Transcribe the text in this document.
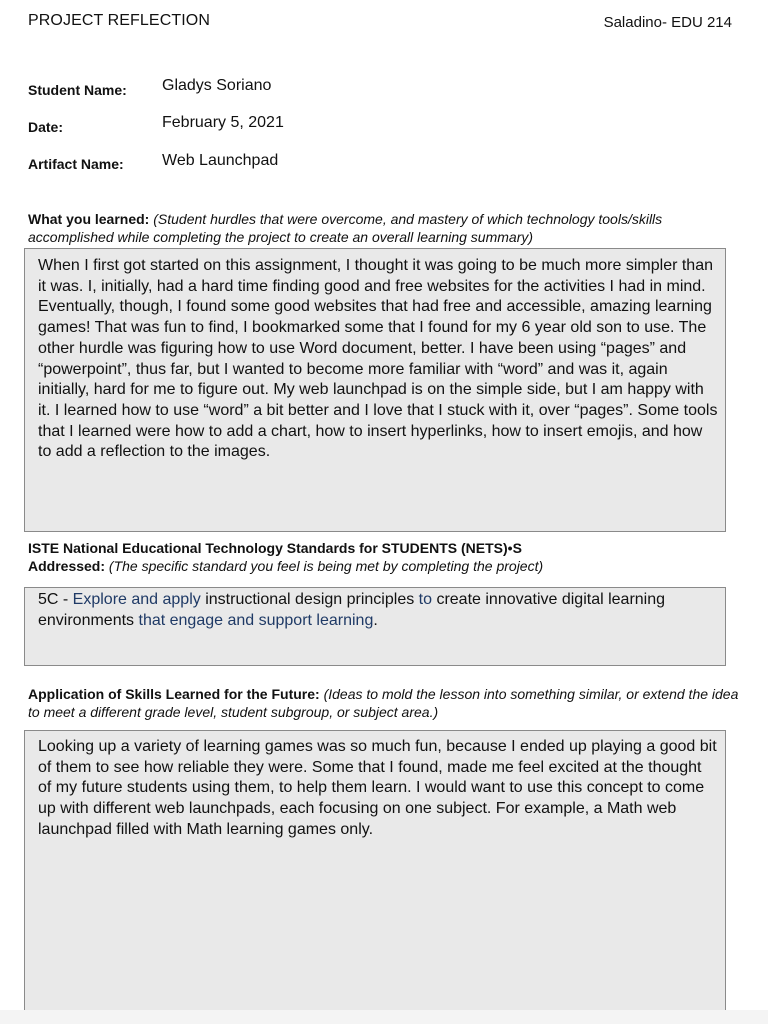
PROJECT REFLECTION	Saladino- EDU 214
Student Name: Gladys Soriano
Date:	February 5, 2021
Artifact Name: Web Launchpad
What you learned: (Student hurdles that were overcome, and mastery of which technology tools/skills accomplished while completing the project to create an overall learning summary)

When I first got started on this assignment, I thought it was going to be much more simpler than it was. I, initially, had a hard time finding good and free websites for the activities I had in mind. Eventually, though, I found some good websites that had free and accessible, amazing learning games! That was fun to find, I bookmarked some that I found for my 6 year old son to use. The other hurdle was figuring how to use Word document, better. I have been using “pages” and “powerpoint”, thus far, but I wanted to become more familiar with “word” and was it, again initially, hard for me to figure out. My web launchpad is on the simple side, but I am happy with it. I learned how to use “word” a bit better and I love that I stuck with it, over “pages”. Some tools that I learned were how to add a chart, how to insert hyperlinks, how to insert emojis, and how to add a reflection to the images.

ISTE National Educational Technology Standards for STUDENTS (NETS)•S
Addressed: (The specific standard you feel is being met by completing the project)

5C - Explore and apply instructional design principles to create innovative digital learning environments that engage and support learning.

Application of Skills Learned for the Future: (Ideas to mold the lesson into something similar, or extend the idea to meet a different grade level, student subgroup, or subject area.)

Looking up a variety of learning games was so much fun, because I ended up playing a good bit of them to see how reliable they were. Some that I found, made me feel excited at the thought of my future students using them, to help them learn. I would want to use this concept to come up with different web launchpads, each focusing on one subject. For example, a Math web launchpad filled with Math learning games only.
